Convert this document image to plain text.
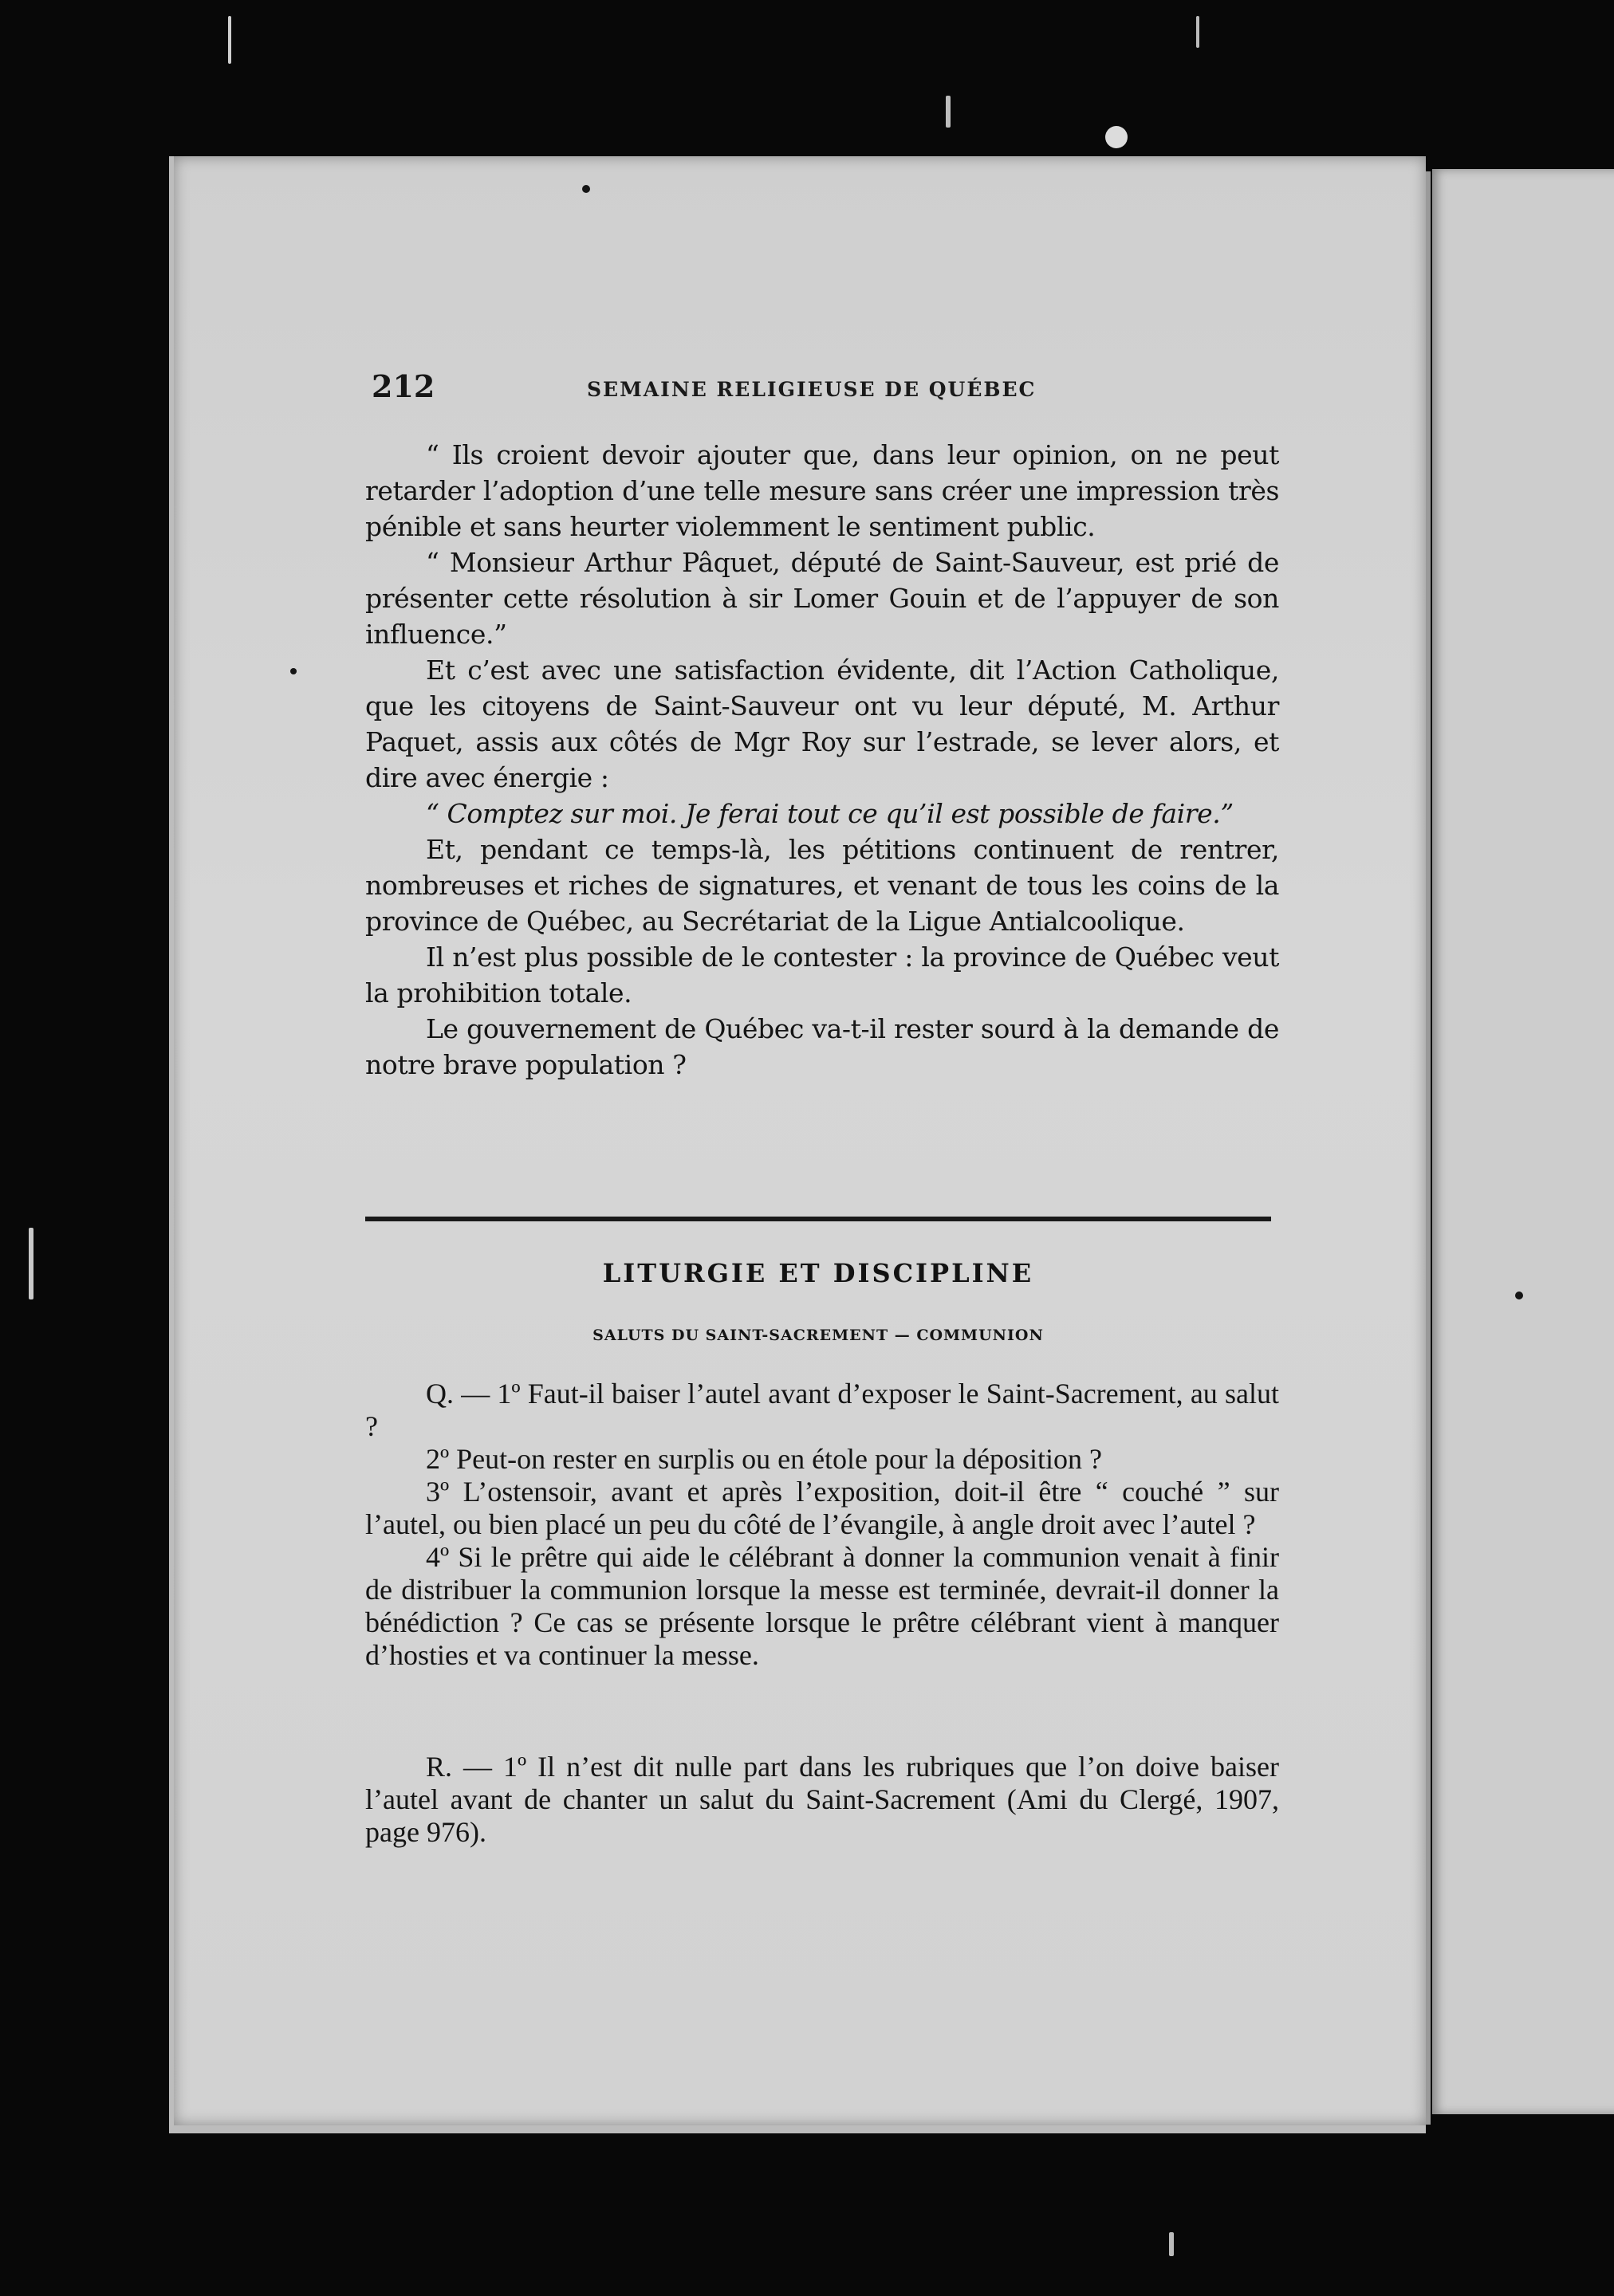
212	SEMAINE RELIGIEUSE DE QUÉBEC

“ Ils croient devoir ajouter que, dans leur opinion, on ne peut retarder l’adoption d’une telle mesure sans créer une impression très pénible et sans heurter violemment le sentiment public.

“ Monsieur Arthur Pâquet, député de Saint-Sauveur, est prié de présenter cette résolution à sir Lomer Gouin et de l’appuyer de son influence.”

Et c’est avec une satisfaction évidente, dit l’Action Catholique, que les citoyens de Saint-Sauveur ont vu leur député, M. Arthur Paquet, assis aux côtés de Mgr Roy sur l’estrade, se lever alors, et dire avec énergie :

“ Comptez sur moi. Je ferai tout ce qu’il est possible de faire.”

Et, pendant ce temps-là, les pétitions continuent de rentrer, nombreuses et riches de signatures, et venant de tous les coins de la province de Québec, au Secrétariat de la Ligue Antialcoolique.

Il n’est plus possible de le contester : la province de Québec veut la prohibition totale.

Le gouvernement de Québec va-t-il rester sourd à la demande de notre brave population ?

LITURGIE ET DISCIPLINE
SALUTS DU SAINT-SACREMENT — COMMUNION

Q. — 1º Faut-il baiser l’autel avant d’exposer le Saint-Sacrement, au salut ?

2º Peut-on rester en surplis ou en étole pour la déposition ?

3º L’ostensoir, avant et après l’exposition, doit-il être “ couché ” sur l’autel, ou bien placé un peu du côté de l’évangile, à angle droit avec l’autel ?

4º Si le prêtre qui aide le célébrant à donner la communion venait à finir de distribuer la communion lorsque la messe est terminée, devrait-il donner la bénédiction ? Ce cas se présente lorsque le prêtre célébrant vient à manquer d’hosties et va continuer la messe.

R. — 1º Il n’est dit nulle part dans les rubriques que l’on doive baiser l’autel avant de chanter un salut du Saint-Sacrement (Ami du Clergé, 1907, page 976).
